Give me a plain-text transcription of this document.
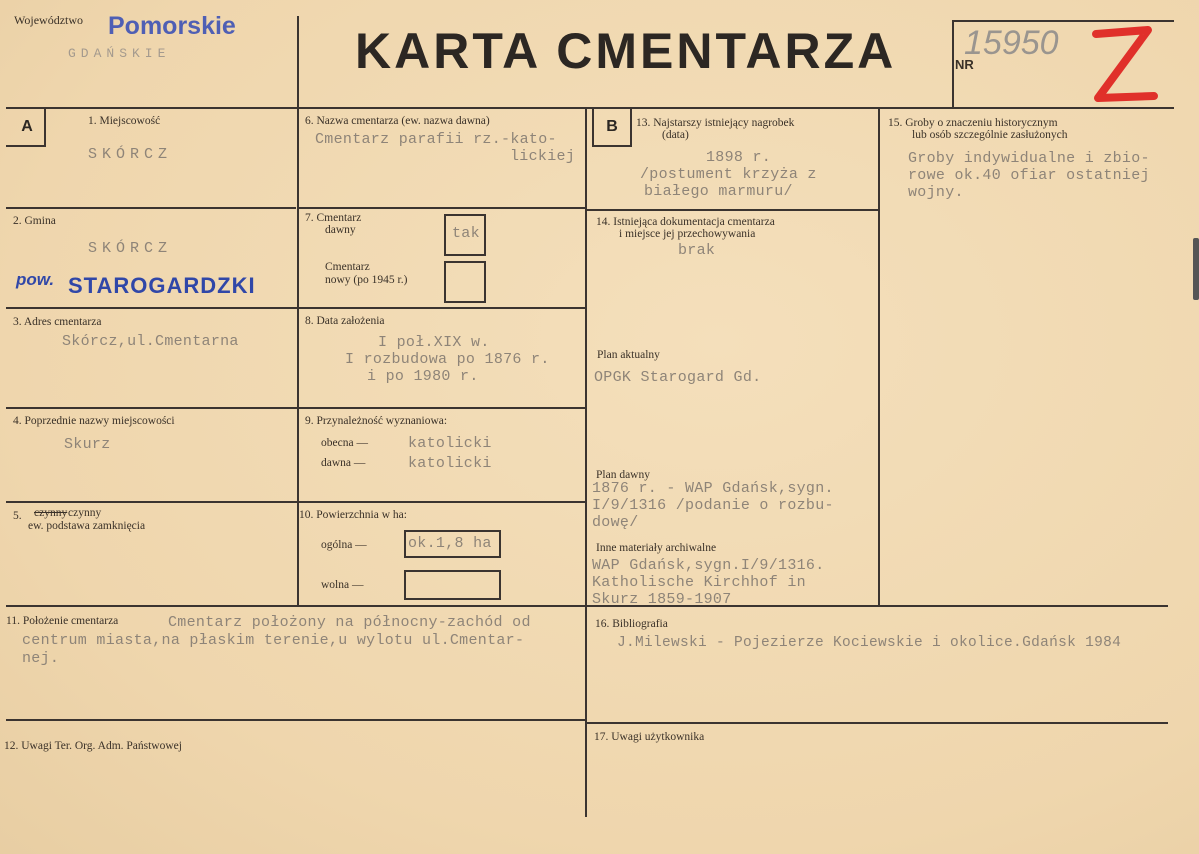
Województwo Pomorskie
GDAŃSKIE	KARTA CMENTARZA	NR
15950	Z
A	B
1. Miejscowość
SKÓRCZ
2. Gmina
SKÓRCZ
pow. STAROGARDZKI
3. Adres cmentarza
Skórcz,ul.Cmentarna
4. Poprzednie nazwy miejscowości
Skurz
5. czynny czynny
ew. podstawa zamknięcia
6. Nazwa cmentarza (ew. nazwa dawna)
Cmentarz parafii rz.-kato-
lickiej
7. Cmentarz
dawny	tak
Cmentarz
nowy (po 1945 r.)
8. Data założenia
I poł.XIX w.
I rozbudowa po 1876 r.
i po 1980 r.
9. Przynależność wyznaniowa:
obecna —	katolicki
dawna —	katolicki
10. Powierzchnia w ha:
ogólna —	ok.1,8 ha
wolna —
11. Położenie cmentarza	Cmentarz położony na północny-zachód od
centrum miasta,na płaskim terenie,u wylotu ul.Cmentar-
nej.
12. Uwagi Ter. Org. Adm. Państwowej
13. Najstarszy istniejący nagrobek
(data)
1898 r.
/postument krzyża z
białego marmuru/
14. Istniejąca dokumentacja cmentarza
i miejsce jej przechowywania
brak
Plan aktualny
OPGK Starogard Gd.
Plan dawny
1876 r. - WAP Gdańsk,sygn.
I/9/1316 /podanie o rozbu-
dowę/
Inne materiały archiwalne
WAP Gdańsk,sygn.I/9/1316.
Katholische Kirchhof in
Skurz 1859-1907
15. Groby o znaczeniu historycznym
lub osób szczególnie zasłużonych
Groby indywidualne i zbio-
rowe ok.40 ofiar ostatniej
wojny.
16. Bibliografia
J.Milewski - Pojezierze Kociewskie i okolice.Gdańsk 1984
17. Uwagi użytkownika
